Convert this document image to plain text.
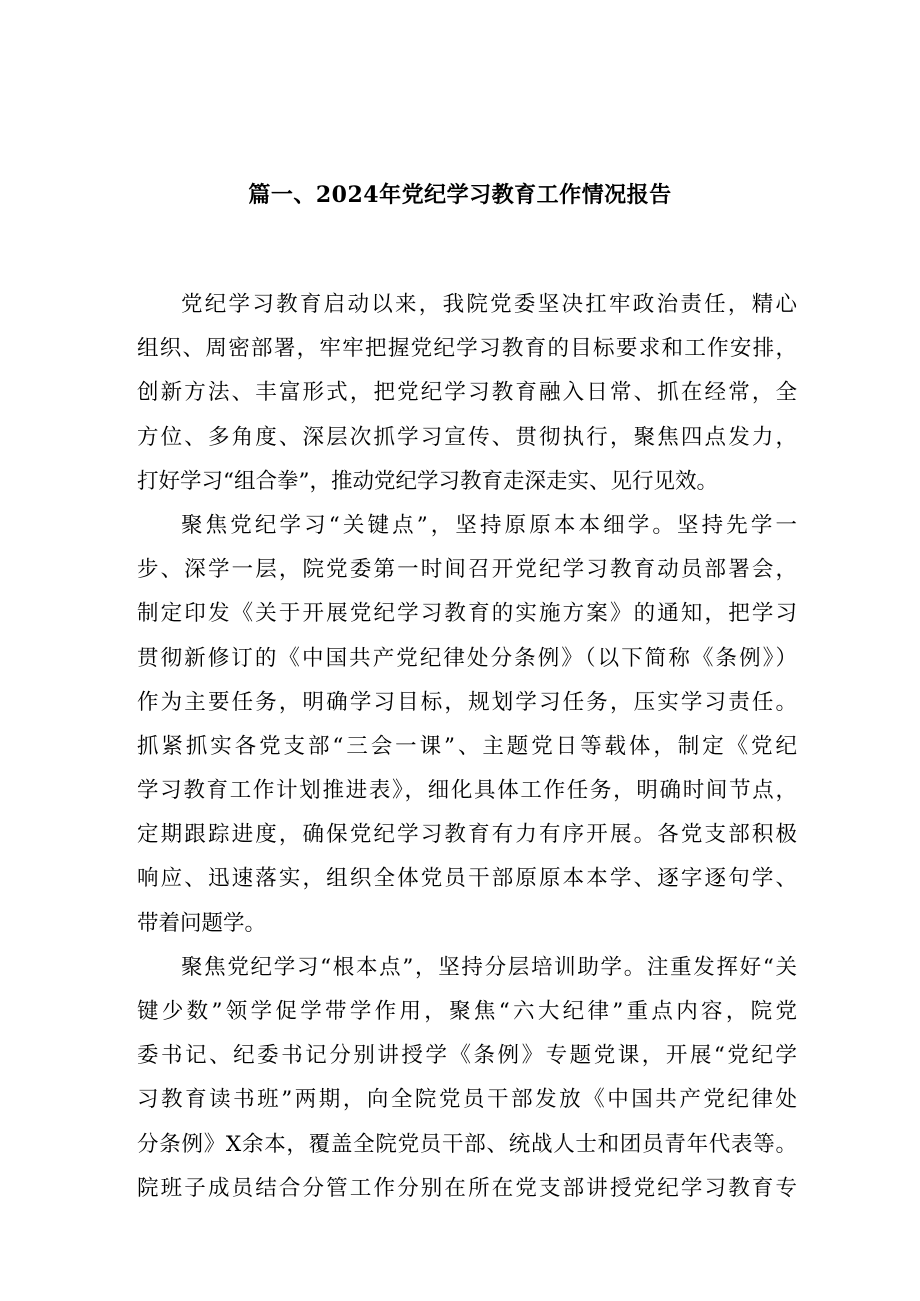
篇一、2024年党纪学习教育工作情况报告
党纪学习教育启动以来，我院党委坚决扛牢政治责任，精心
组织、周密部署，牢牢把握党纪学习教育的目标要求和工作安排，
创新方法、丰富形式，把党纪学习教育融入日常、抓在经常，全
方位、多角度、深层次抓学习宣传、贯彻执行，聚焦四点发力，
打好学习“组合拳”，推动党纪学习教育走深走实、见行见效。
聚焦党纪学习“关键点”，坚持原原本本细学。坚持先学一
步、深学一层，院党委第一时间召开党纪学习教育动员部署会，
制定印发《关于开展党纪学习教育的实施方案》的通知，把学习
贯彻新修订的《中国共产党纪律处分条例》（以下简称《条例》）
作为主要任务，明确学习目标，规划学习任务，压实学习责任。
抓紧抓实各党支部“三会一课”、主题党日等载体，制定《党纪
学习教育工作计划推进表》，细化具体工作任务，明确时间节点，
定期跟踪进度，确保党纪学习教育有力有序开展。各党支部积极
响应、迅速落实，组织全体党员干部原原本本学、逐字逐句学、
带着问题学。
聚焦党纪学习“根本点”，坚持分层培训助学。注重发挥好“关
键少数”领学促学带学作用，聚焦“六大纪律”重点内容，院党
委书记、纪委书记分别讲授学《条例》专题党课，开展“党纪学
习教育读书班”两期，向全院党员干部发放《中国共产党纪律处
分条例》X余本，覆盖全院党员干部、统战人士和团员青年代表等。
院班子成员结合分管工作分别在所在党支部讲授党纪学习教育专
